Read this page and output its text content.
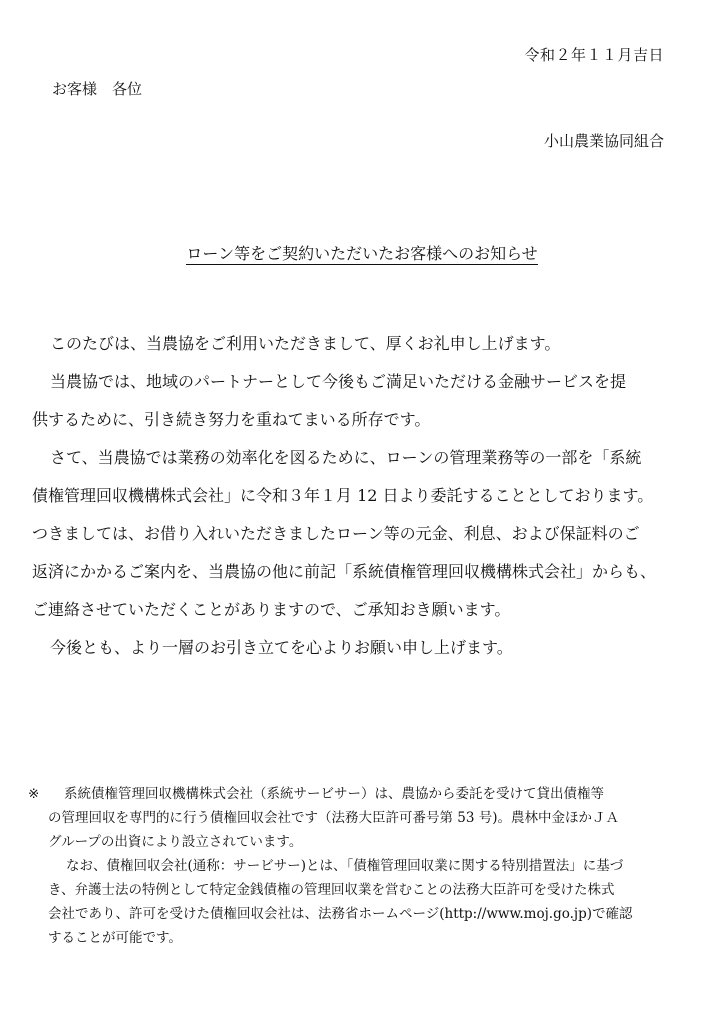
令和２年１１月吉日
お客様　各位
小山農業協同組合
ローン等をご契約いただいたお客様へのお知らせ
このたびは、当農協をご利用いただきまして、厚くお礼申し上げます。
当農協では、地域のパートナーとして今後もご満足いただける金融サービスを提
供するために、引き続き努力を重ねてまいる所存です。
さて、当農協では業務の効率化を図るために、ローンの管理業務等の一部を「系統
債権管理回収機構株式会社」に令和３年１月 12 日より委託することとしております。
つきましては、お借り入れいただきましたローン等の元金、利息、および保証料のご
返済にかかるご案内を、当農協の他に前記「系統債権管理回収機構株式会社」からも、
ご連絡させていただくことがありますので、ご承知おき願います。
今後とも、より一層のお引き立てを心よりお願い申し上げます。
※ 系統債権管理回収機構株式会社（系統サービサー）は、農協から委託を受けて貸出債権等
の管理回収を専門的に行う債権回収会社です（法務大臣許可番号第 53 号)。農林中金ほかＪＡ
グループの出資により設立されています。
なお、債権回収会社(通称：サービサー)とは、「債権管理回収業に関する特別措置法」に基づ
き、弁護士法の特例として特定金銭債権の管理回収業を営むことの法務大臣許可を受けた株式
会社であり、許可を受けた債権回収会社は、法務省ホームページ(http://www.moj.go.jp)で確認
することが可能です。
